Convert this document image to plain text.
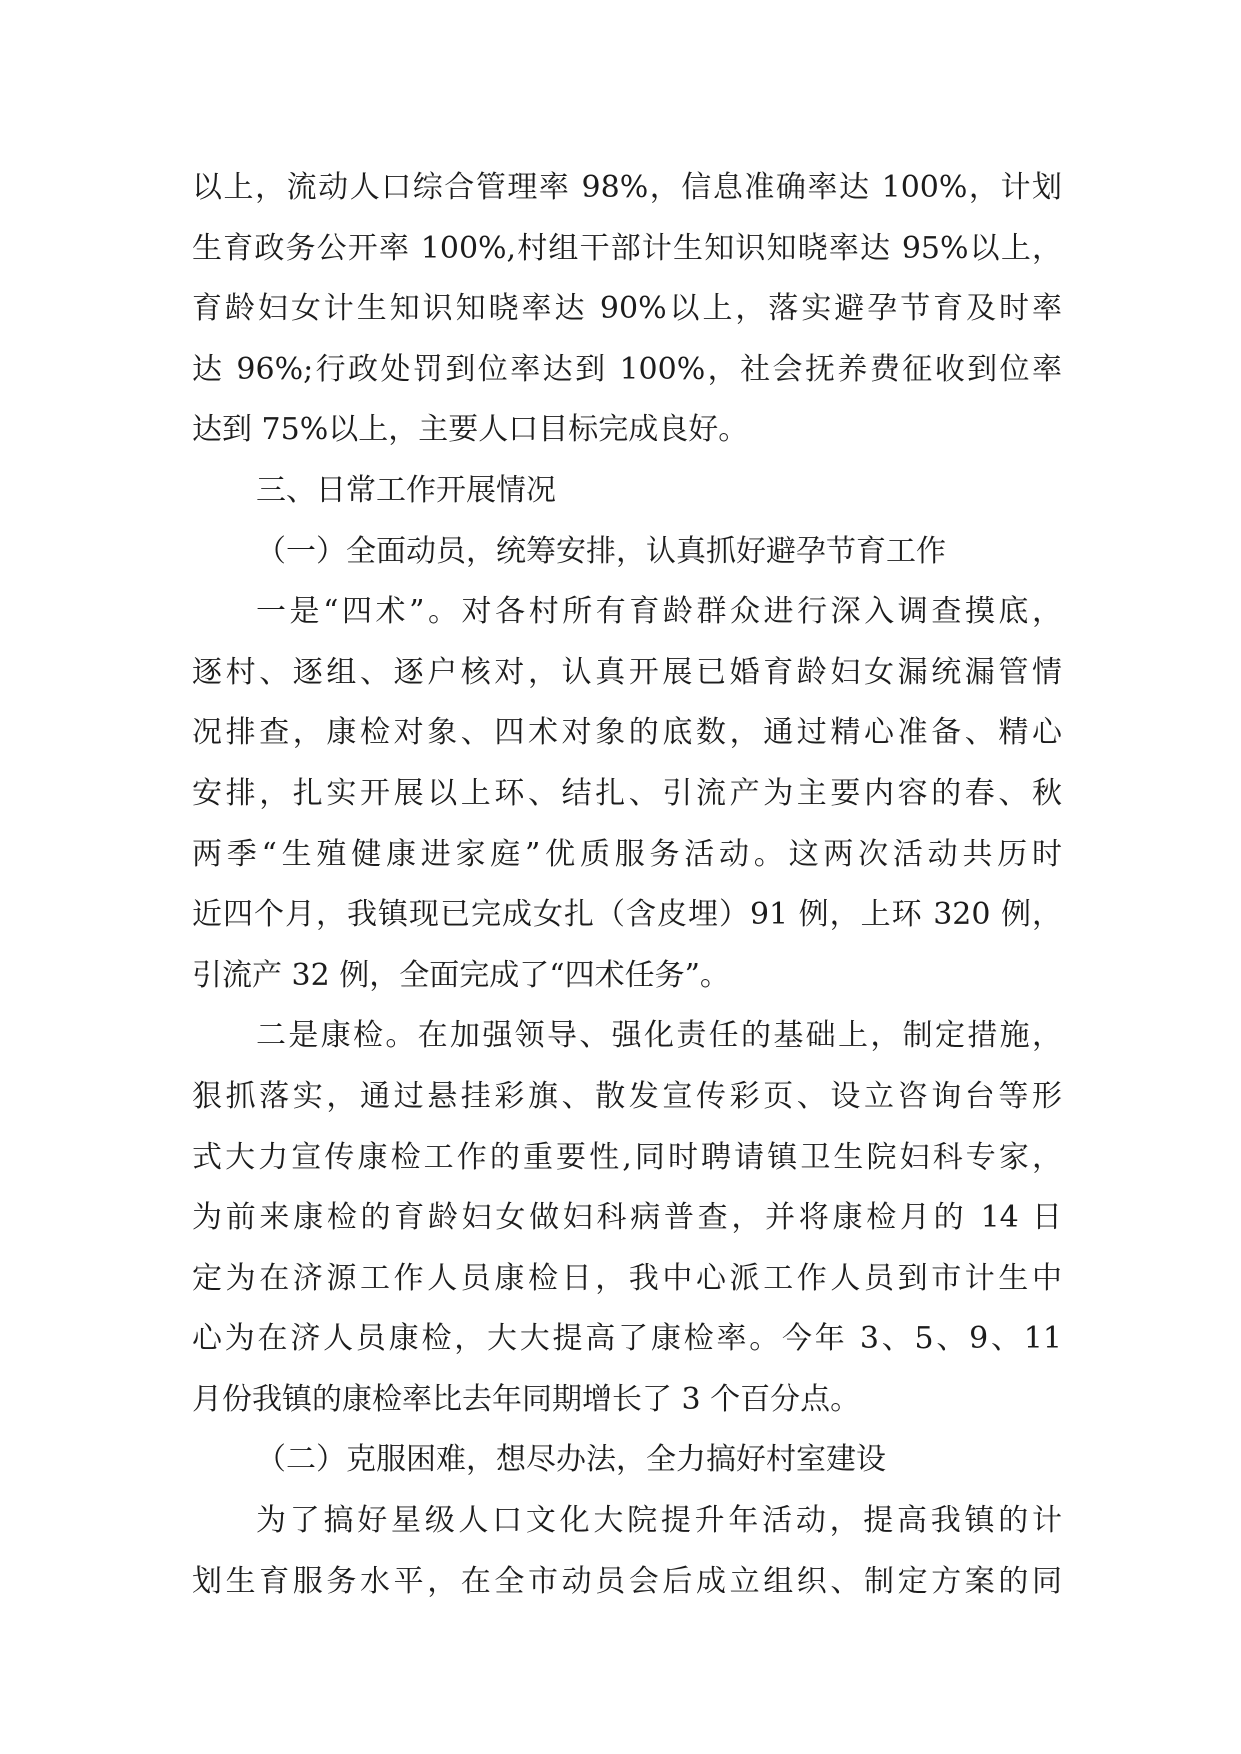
以上，流动人口综合管理率 98%，信息准确率达 100%，计划
生育政务公开率 100%,村组干部计生知识知晓率达 95%以上，
育龄妇女计生知识知晓率达 90%以上，落实避孕节育及时率
达 96%;行政处罚到位率达到 100%，社会抚养费征收到位率
达到 75%以上，主要人口目标完成良好。
三、日常工作开展情况
（一）全面动员，统筹安排，认真抓好避孕节育工作
一是“四术”。对各村所有育龄群众进行深入调查摸底，
逐村、逐组、逐户核对，认真开展已婚育龄妇女漏统漏管情
况排查，康检对象、四术对象的底数，通过精心准备、精心
安排，扎实开展以上环、结扎、引流产为主要内容的春、秋
两季“生殖健康进家庭”优质服务活动。这两次活动共历时
近四个月，我镇现已完成女扎（含皮埋）91 例，上环 320 例，
引流产 32 例，全面完成了“四术任务”。
二是康检。在加强领导、强化责任的基础上，制定措施，
狠抓落实，通过悬挂彩旗、散发宣传彩页、设立咨询台等形
式大力宣传康检工作的重要性,同时聘请镇卫生院妇科专家，
为前来康检的育龄妇女做妇科病普查，并将康检月的 14 日
定为在济源工作人员康检日，我中心派工作人员到市计生中
心为在济人员康检，大大提高了康检率。今年 3、5、9、11
月份我镇的康检率比去年同期增长了 3 个百分点。
（二）克服困难，想尽办法，全力搞好村室建设
为了搞好星级人口文化大院提升年活动，提高我镇的计
划生育服务水平，在全市动员会后成立组织、制定方案的同
